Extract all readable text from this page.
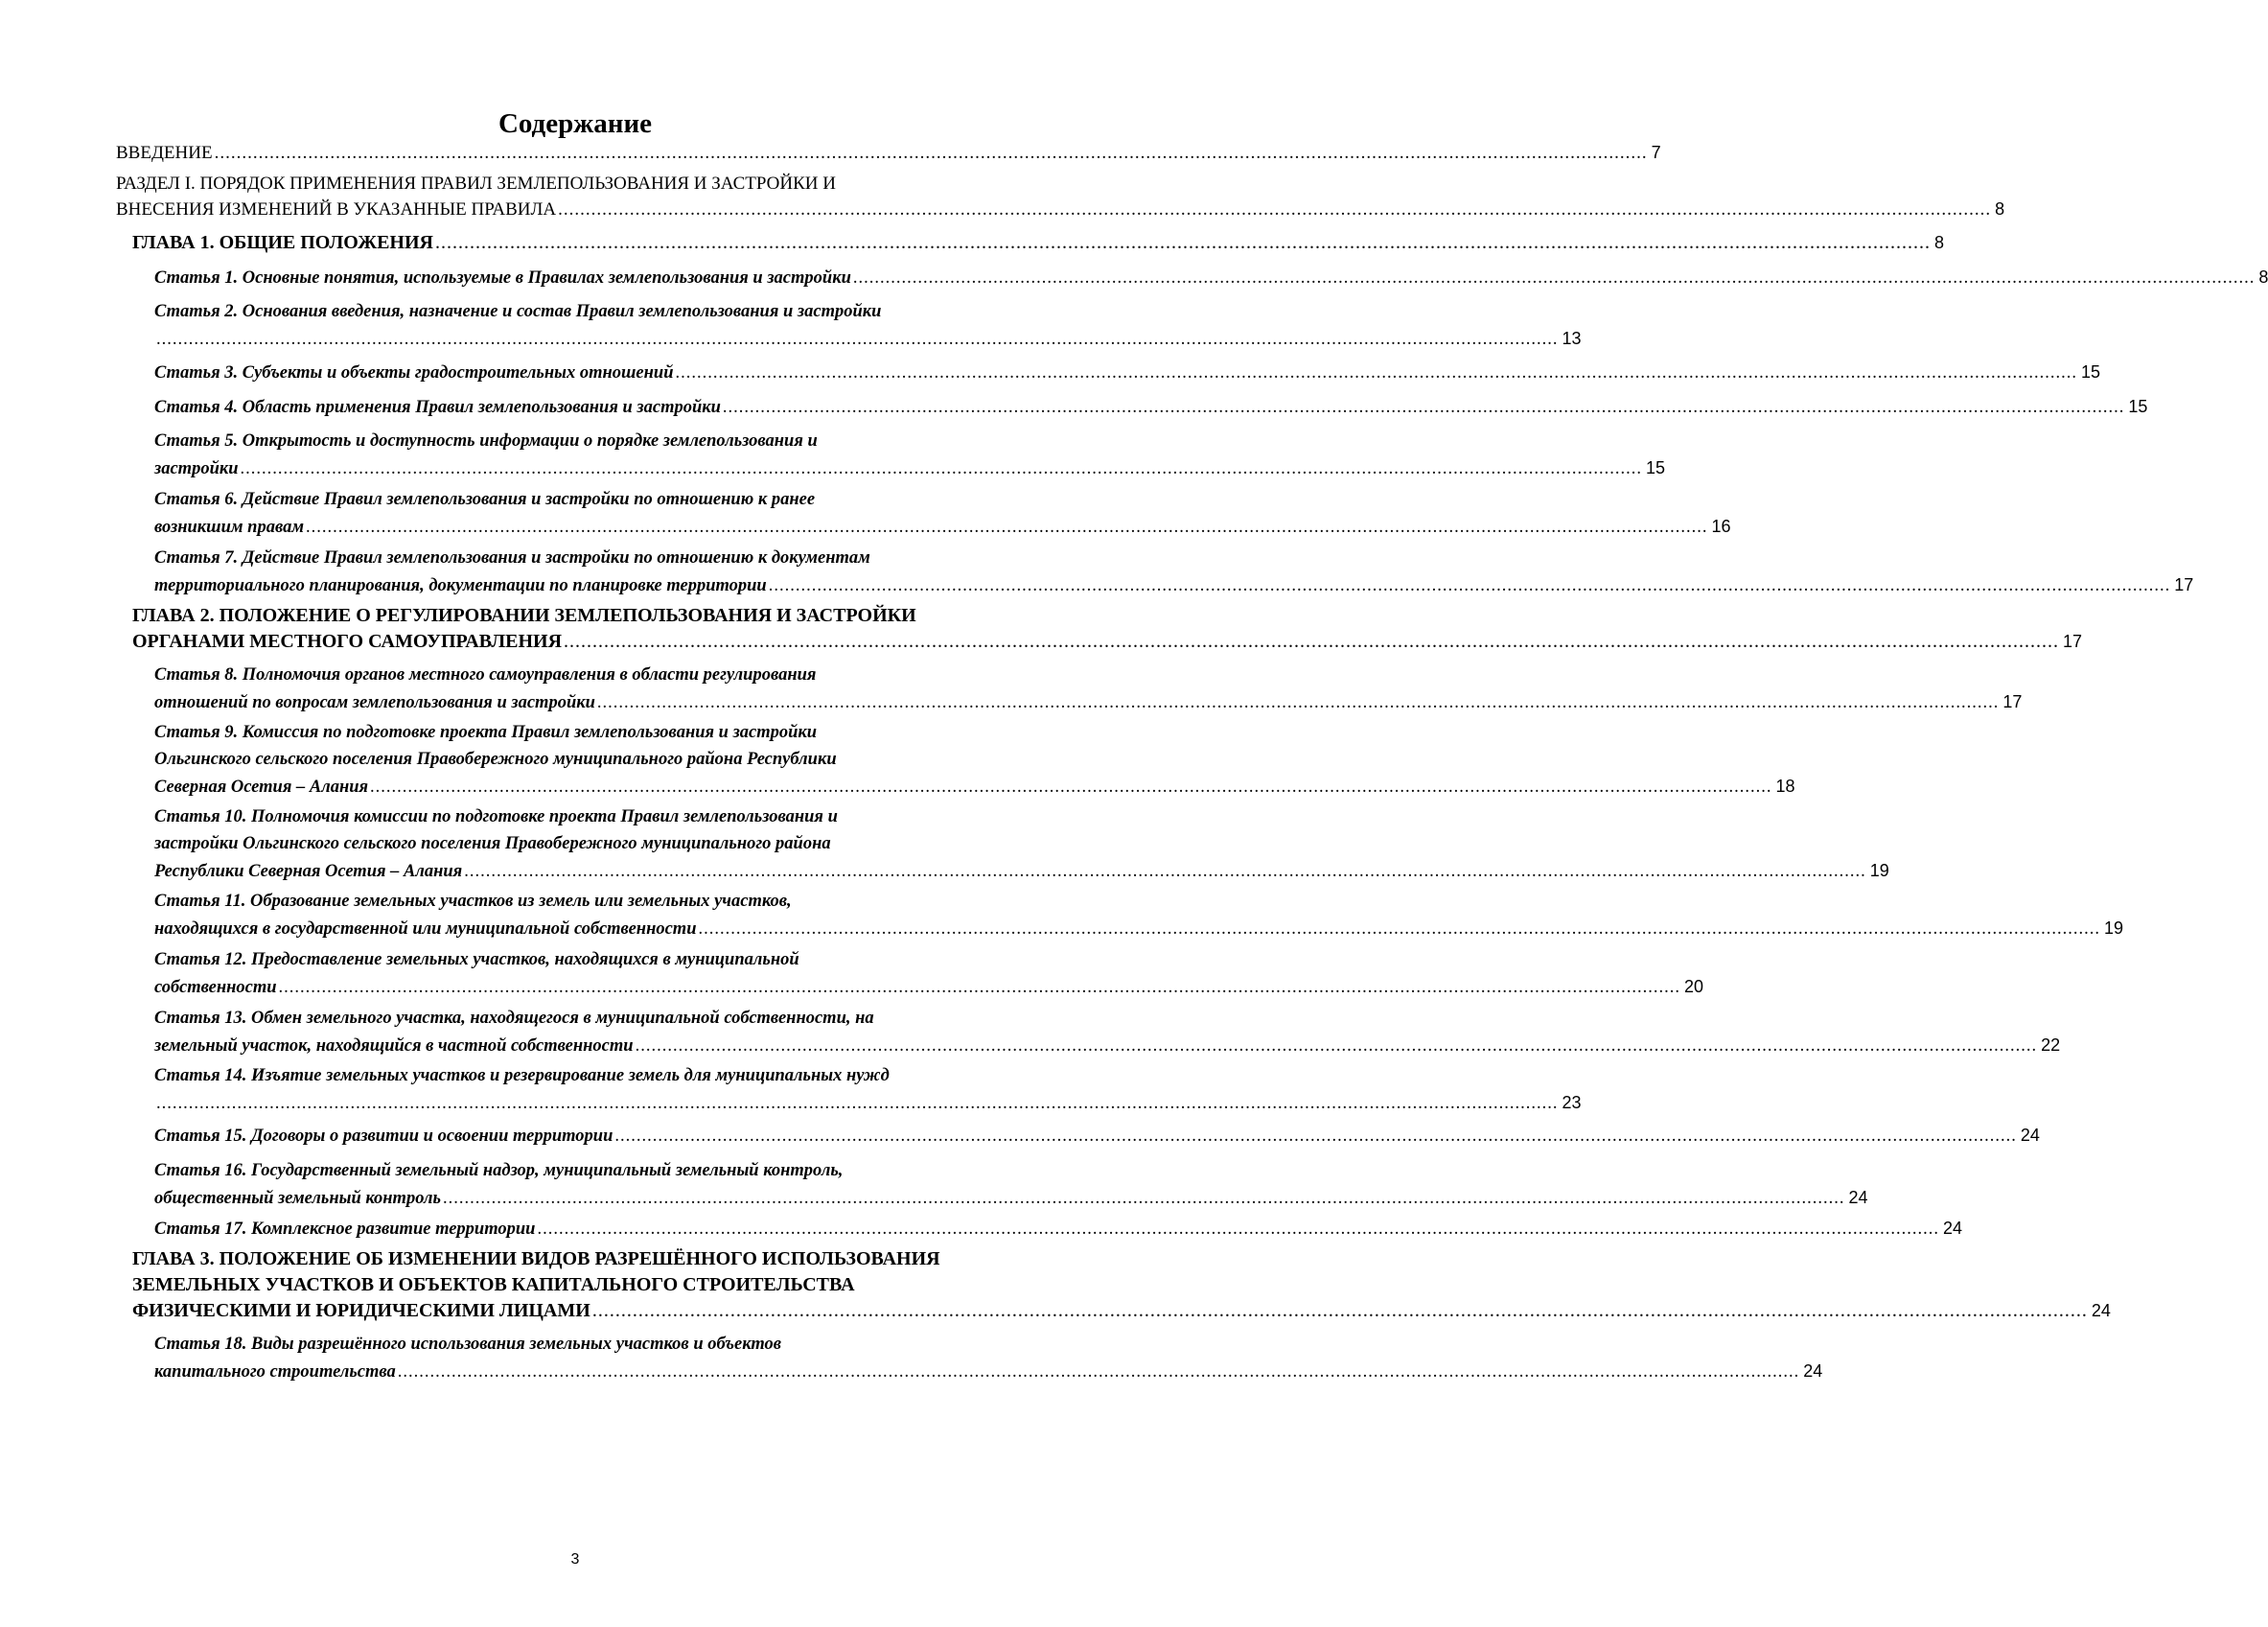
Содержание
ВВЕДЕНИЕ .................................................................................................................................................................................................................................................................... 7
РАЗДЕЛ I. ПОРЯДОК ПРИМЕНЕНИЯ ПРАВИЛ ЗЕМЛЕПОЛЬЗОВАНИЯ И ЗАСТРОЙКИ И
ВНЕСЕНИЯ ИЗМЕНЕНИЙ В УКАЗАННЫЕ ПРАВИЛА .................................................................................................................................................................................................................................................................... 8
ГЛАВА 1. ОБЩИЕ ПОЛОЖЕНИЯ .................................................................................................................................................................................................................................................................... 8
Статья 1. Основные понятия, используемые в Правилах землепользования и застройки .................................................................................................................................................................................................................................................................... 8
Статья 2. Основания введения, назначение и состав Правил землепользования и застройки
.................................................................................................................................................................................................................................................................... 13
Статья 3. Субъекты и объекты градостроительных отношений .................................................................................................................................................................................................................................................................... 15
Статья 4. Область применения Правил землепользования и застройки .................................................................................................................................................................................................................................................................... 15
Статья 5. Открытость и доступность информации о порядке землепользования и
застройки .................................................................................................................................................................................................................................................................... 15
Статья 6. Действие Правил землепользования и застройки по отношению к ранее
возникшим правам .................................................................................................................................................................................................................................................................... 16
Статья 7. Действие Правил землепользования и застройки по отношению к документам
территориального планирования, документации по планировке территории .................................................................................................................................................................................................................................................................... 17
ГЛАВА 2. ПОЛОЖЕНИЕ О РЕГУЛИРОВАНИИ ЗЕМЛЕПОЛЬЗОВАНИЯ И ЗАСТРОЙКИ
ОРГАНАМИ МЕСТНОГО САМОУПРАВЛЕНИЯ .................................................................................................................................................................................................................................................................... 17
Статья 8. Полномочия органов местного самоуправления в области регулирования
отношений по вопросам землепользования и застройки .................................................................................................................................................................................................................................................................... 17
Статья 9. Комиссия по подготовке проекта Правил землепользования и застройки
Ольгинского сельского поселения Правобережного муниципального района Республики
Северная Осетия – Алания .................................................................................................................................................................................................................................................................... 18
Статья 10. Полномочия комиссии по подготовке проекта Правил землепользования и
застройки Ольгинского сельского поселения Правобережного муниципального района
Республики Северная Осетия – Алания .................................................................................................................................................................................................................................................................... 19
Статья 11. Образование земельных участков из земель или земельных участков,
находящихся в государственной или муниципальной собственности .................................................................................................................................................................................................................................................................... 19
Статья 12. Предоставление земельных участков, находящихся в муниципальной
собственности .................................................................................................................................................................................................................................................................... 20
Статья 13. Обмен земельного участка, находящегося в муниципальной собственности, на
земельный участок, находящийся в частной собственности .................................................................................................................................................................................................................................................................... 22
Статья 14. Изъятие земельных участков и резервирование земель для муниципальных нужд
.................................................................................................................................................................................................................................................................... 23
Статья 15. Договоры о развитии и освоении территории .................................................................................................................................................................................................................................................................... 24
Статья 16. Государственный земельный надзор, муниципальный земельный контроль,
общественный земельный контроль .................................................................................................................................................................................................................................................................... 24
Статья 17. Комплексное развитие территории .................................................................................................................................................................................................................................................................... 24
ГЛАВА 3. ПОЛОЖЕНИЕ ОБ ИЗМЕНЕНИИ ВИДОВ РАЗРЕШЁННОГО ИСПОЛЬЗОВАНИЯ
ЗЕМЕЛЬНЫХ УЧАСТКОВ И ОБЪЕКТОВ КАПИТАЛЬНОГО СТРОИТЕЛЬСТВА
ФИЗИЧЕСКИМИ И ЮРИДИЧЕСКИМИ ЛИЦАМИ .................................................................................................................................................................................................................................................................... 24
Статья 18. Виды разрешённого использования земельных участков и объектов
капитального строительства .................................................................................................................................................................................................................................................................... 24
3
